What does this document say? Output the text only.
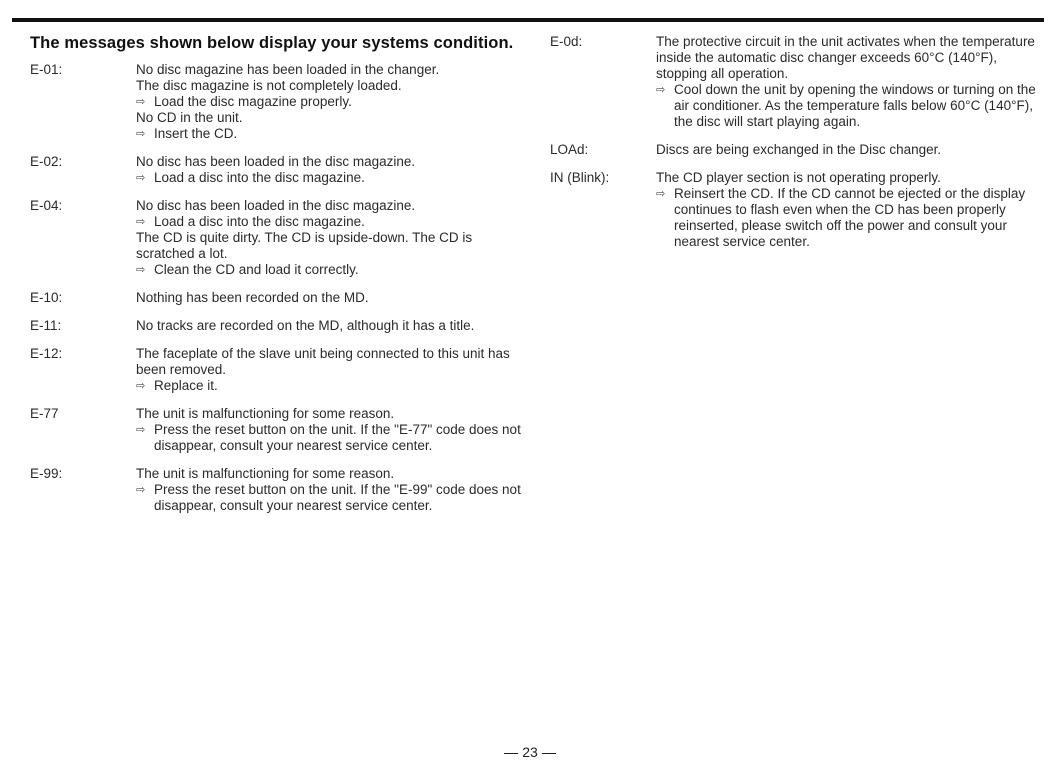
The messages shown below display your systems condition.
E-01:	No disc magazine has been loaded in the changer.
The disc magazine is not completely loaded.
⇨ Load the disc magazine properly.
No CD in the unit.
⇨ Insert the CD.
E-02:	No disc has been loaded in the disc magazine.
⇨ Load a disc into the disc magazine.
E-04:	No disc has been loaded in the disc magazine.
⇨ Load a disc into the disc magazine.
The CD is quite dirty. The CD is upside-down. The CD is scratched a lot.
⇨ Clean the CD and load it correctly.
E-10:	Nothing has been recorded on the MD.
E-11:	No tracks are recorded on the MD, although it has a title.
E-12:	The faceplate of the slave unit being connected to this unit has been removed.
⇨ Replace it.
E-77	The unit is malfunctioning for some reason.
⇨ Press the reset button on the unit. If the "E-77" code does not disappear, consult your nearest service center.
E-99:	The unit is malfunctioning for some reason.
⇨ Press the reset button on the unit. If the "E-99" code does not disappear, consult your nearest service center.
E-0d:	The protective circuit in the unit activates when the temperature inside the automatic disc changer exceeds 60°C (140°F), stopping all operation.
⇨ Cool down the unit by opening the windows or turning on the air conditioner. As the temperature falls below 60°C (140°F), the disc will start playing again.
LOAd:	Discs are being exchanged in the Disc changer.
IN (Blink):	The CD player section is not operating properly.
⇨ Reinsert the CD. If the CD cannot be ejected or the display continues to flash even when the CD has been properly reinserted, please switch off the power and consult your nearest service center.
23
